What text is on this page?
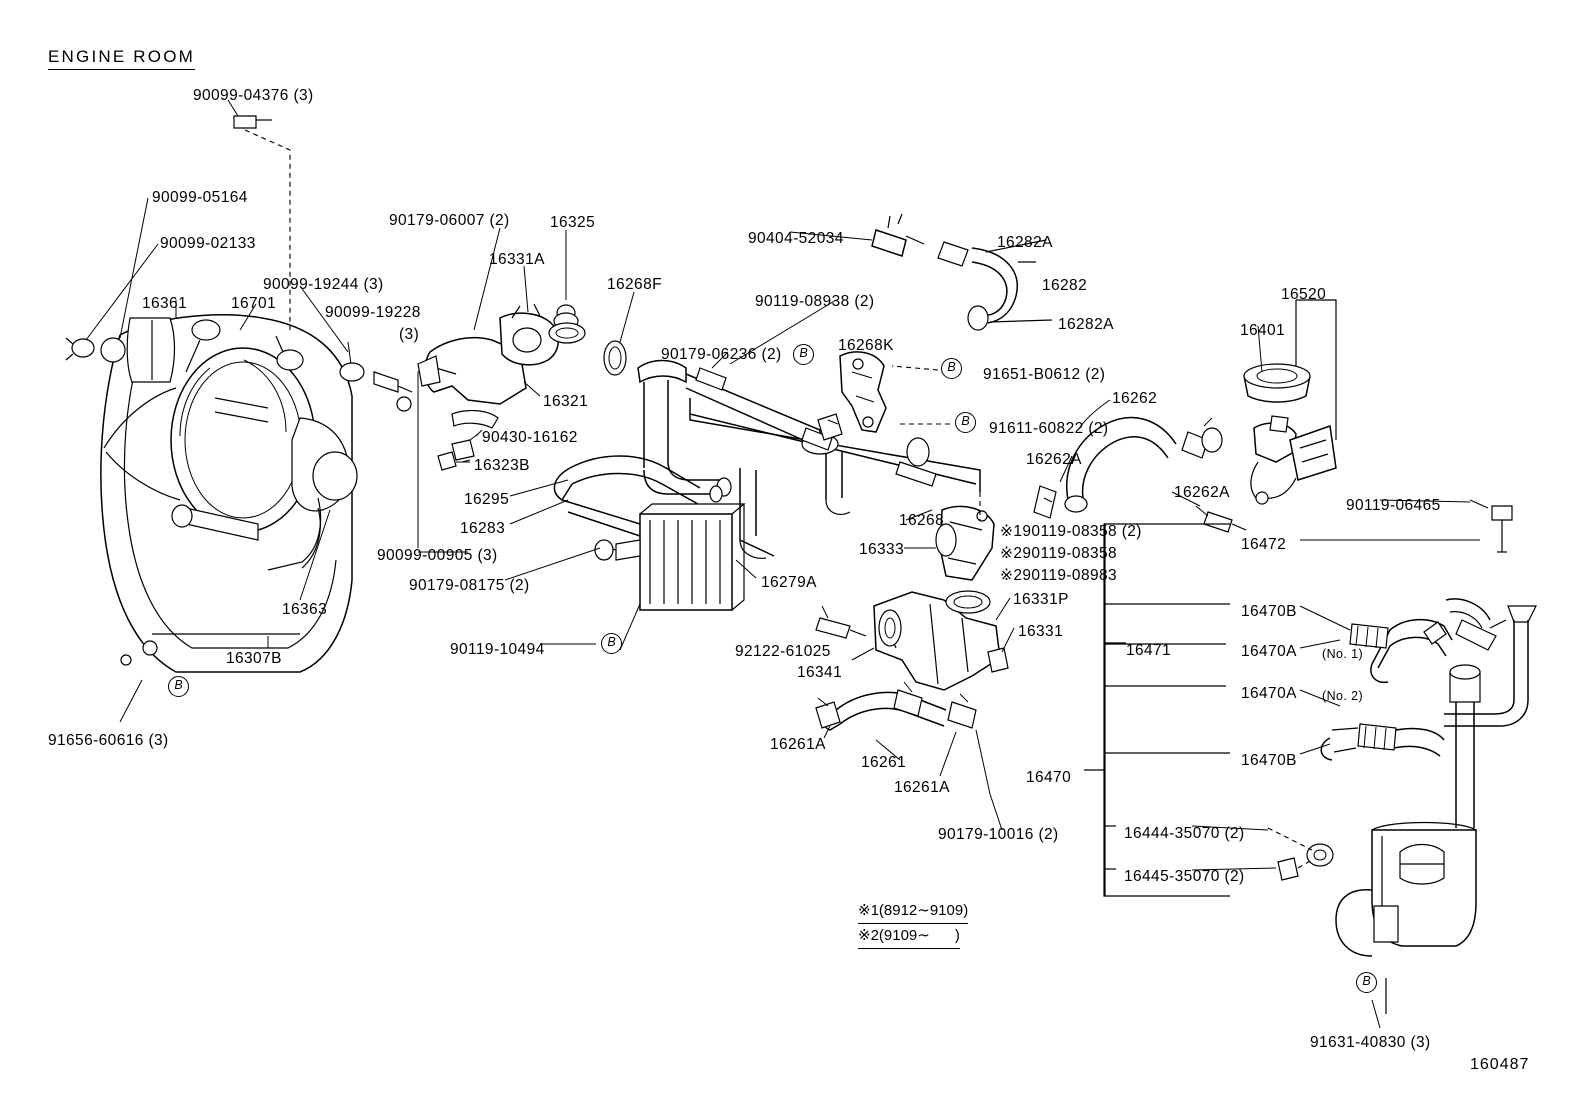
ENGINE ROOM
160487
※1(8912∼9109)
※2(9109∼      )
B
B
B
B
B
B
90099-04376 (3)
90099-05164
90099-02133
90099-19244 (3)
90099-19228
(3)
16361	16701
16363
16307B
91656-60616 (3)
90179-06007 (2)	16325
16331A
16268F
16321
90430-16162
16323B
16295
16283
90099-00905 (3)
90179-08175 (2)
90119-10494
16279A
92122-61025
16341
16261A
16261
16261A
90179-10016 (2)
90179-06236 (2)
90119-08938 (2)
90404-52034	16282A
16282
16282A
16268K
91651-B0612 (2)
91611-60822 (2)
16262
16262A
16262A
16268
16333
※190119-08358 (2)
※290119-08358
※290119-08983
16331P
16331
16520
16401
90119-06465
16472
16470B
16471	16470A
16470A
16470B
16470
16444-35070 (2)
16445-35070 (2)
91631-40830 (3)
(No. 1)
(No. 2)
